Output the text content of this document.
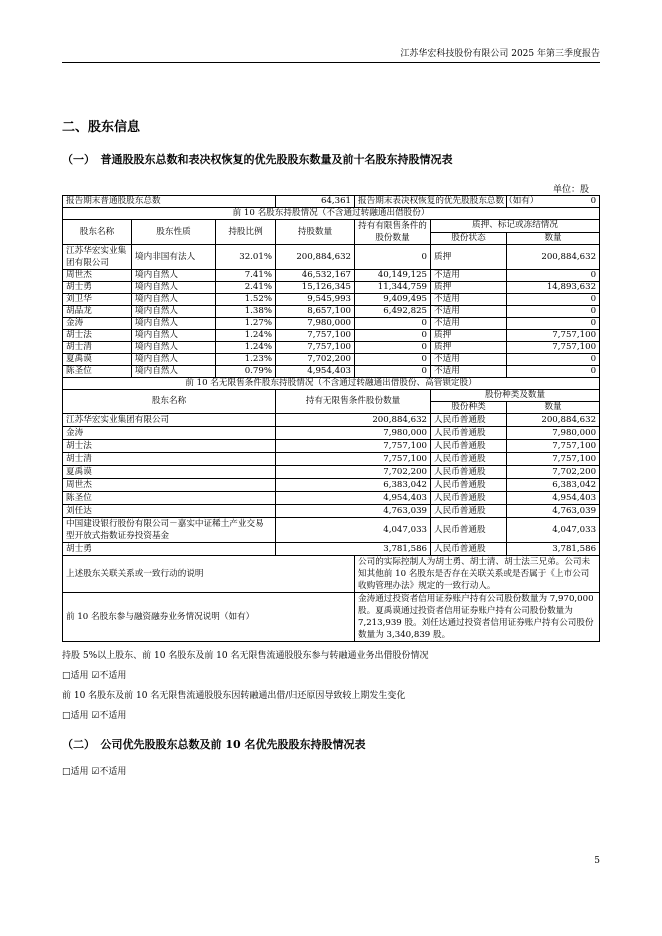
江苏华宏科技股份有限公司 2025 年第三季度报告
二、股东信息
（一）　普通股股东总数和表决权恢复的优先股股东数量及前十名股东持股情况表
单位：股
报告期末普通股股东总数			64,361	报告期末表决权恢复的优先股股东总数（如有）		0
前 10 名股东持股情况（不含通过转融通出借股份）						
股东名称	股东性质	持股比例	持股数量	持有有限售条件的股份数量	质押、标记或冻结情况	
					股份状态	数量
江苏华宏实业集团有限公司	境内非国有法人	32.01%	200,884,632	0	质押	200,884,632
周世杰	境内自然人	7.41%	46,532,167	40,149,125	不适用	0
胡士勇	境内自然人	2.41%	15,126,345	11,344,759	质押	14,893,632
刘卫华	境内自然人	1.52%	9,545,993	9,409,495	不适用	0
胡品龙	境内自然人	1.38%	8,657,100	6,492,825	不适用	0
金涛	境内自然人	1.27%	7,980,000	0	不适用	0
胡士法	境内自然人	1.24%	7,757,100	0	质押	7,757,100
胡士清	境内自然人	1.24%	7,757,100	0	质押	7,757,100
夏禹谟	境内自然人	1.23%	7,702,200	0	不适用	0
陈圣位	境内自然人	0.79%	4,954,403	0	不适用	0
前 10 名无限售条件股东持股情况（不含通过转融通出借股份、高管锁定股）						
股东名称			持有无限售条件股份数量		股份种类及数量	
					股份种类	数量
江苏华宏实业集团有限公司			200,884,632		人民币普通股	200,884,632
金涛			7,980,000		人民币普通股	7,980,000
胡士法			7,757,100		人民币普通股	7,757,100
胡士清			7,757,100		人民币普通股	7,757,100
夏禹谟			7,702,200		人民币普通股	7,702,200
周世杰			6,383,042		人民币普通股	6,383,042
陈圣位			4,954,403		人民币普通股	4,954,403
刘任达			4,763,039		人民币普通股	4,763,039
中国建设银行股份有限公司－嘉实中证稀土产业交易型开放式指数证券投资基金			4,047,033		人民币普通股	4,047,033
胡士勇			3,781,586		人民币普通股	3,781,586
上述股东关联关系或一致行动的说明				公司的实际控制人为胡士勇、胡士清、胡士法三兄弟。公司未知其他前 10 名股东是否存在关联关系或是否属于《上市公司收购管理办法》规定的一致行动人。		
前 10 名股东参与融资融券业务情况说明（如有）				金涛通过投资者信用证券账户持有公司股份数量为 7,970,000 股。夏禹谟通过投资者信用证券账户持有公司股份数量为 7,213,939 股。刘任达通过投资者信用证券账户持有公司股份数量为 3,340,839 股。		
持股 5%以上股东、前 10 名股东及前 10 名无限售流通股股东参与转融通业务出借股份情况
□适用 ☑不适用
前 10 名股东及前 10 名无限售流通股股东因转融通出借/归还原因导致较上期发生变化
□适用 ☑不适用
（二）　公司优先股股东总数及前 10 名优先股股东持股情况表
□适用 ☑不适用
5
